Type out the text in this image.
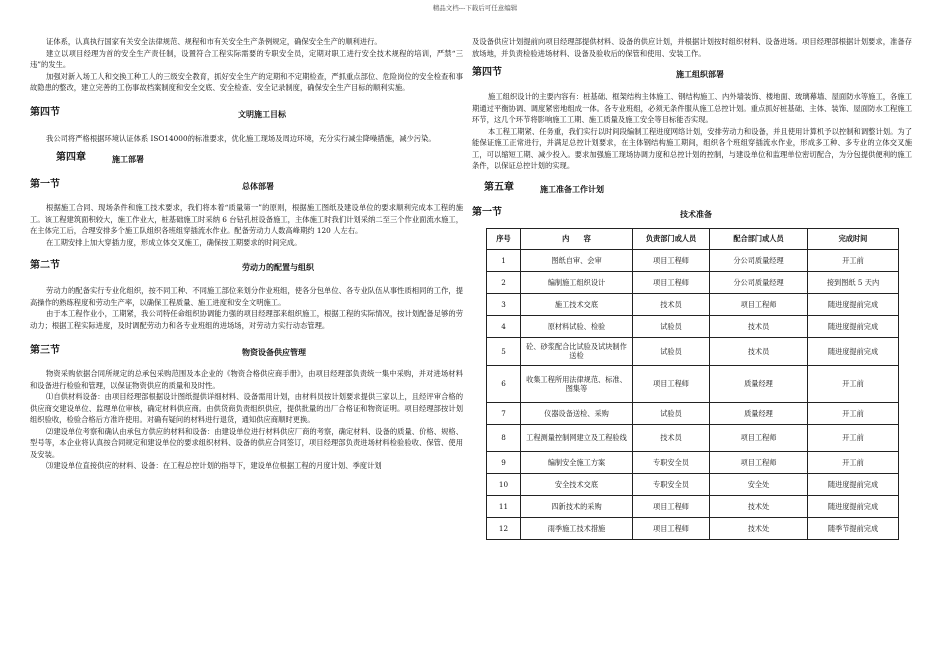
精品文档---下载后可任意编辑

证体系，认真执行国家有关安全法律规范、规程和市有关安全生产条例规定，确保安全生产的顺利进行。

建立以项目经理为首的安全生产责任制，设置符合工程实际需要的专职安全员，定期对职工进行安全技术规程的培训，严禁“三违”的发生。

加强对新入场工人和交换工种工人的三级安全教育，抓好安全生产的定期和不定期检查，严抓重点部位、危险岗位的安全检查和事故隐患的整改，建立完善的工伤事故档案制度和安全交底、安全检查、安全记录制度，确保安全生产目标的顺利实施。

第四节	文明施工目标

我公司将严格根据环境认证体系 ISO14000的标准要求，优化施工现场及周边环境，充分实行减尘降噪措施，减少污染。

第四章	施工部署
第一节	总体部署

根据施工合同、现场条件和施工技术要求，我们将本着“质量第一”的原则，根据施工图纸及建设单位的要求顺利完成本工程的施工。该工程建筑面积较大，施工作业大，桩基础施工时采纳 6 台钻孔桩设备施工，主体施工时我们计划采纳二至三个作业面流水施工，在主体完工后，合理安排多个施工队组织各班组穿插流水作业。配备劳动力人数高峰期约 120 人左右。

在工期安排上加大穿插力度，形成立体交叉施工，确保按工期要求的时间完成。

第二节	劳动力的配置与组织

劳动力的配备实行专业化组织，按不同工种、不同施工部位来划分作业班组，使各分包单位、各专业队伍从事性质相同的工作，提高操作的熟练程度和劳动生产率，以确保工程质量、施工进度和安全文明施工。

由于本工程作业小，工期紧，我公司特任命组织协调能力强的项目经理部来组织施工，根据工程的实际情况，按计划配备足够的劳动力；根据工程实际进度，及时调配劳动力和各专业班组的进场场，对劳动力实行动态管理。

第三节	物资设备供应管理

物资采购依据合同所规定的总承包采购范围及本企业的《物资合格供应商手册》，由项目经理部负责统一集中采购，并对进场材料和设备进行检验和管理，以保证物资供应的质量和及时性。

⑴自供材料设备：由项目经理部根据设计图纸提供详细材料、设备需用计划，由材料员按计划要求提供三家以上，且经评审合格的供应商交建设单位、监理单位审核，确定材料供应商。由供货商负责组织供应，提供批量的出厂合格证和物资证明。项目经理部按计划组织验收，检验合格后方准许使用。对确有疑问的材料进行退货，通知供应商顺时更换。

⑵建设单位考察和确认由承包方供应的材料和设备：由建设单位进行材料供应厂商的考察，确定材料、设备的质量、价格、规格、型号等，本企业将认真按合同规定和建设单位的要求组织材料、设备的供应合同签订，项目经理部负责进场材料检验验收、保管、使用及安装。

⑶建设单位直接供应的材料、设备：在工程总控计划的指导下，建设单位根据工程的月度计划、季度计划

及设备供应计划提前向项目经理部提供材料、设备的供应计划，并根据计划按时组织材料、设备进场。项目经理部根据计划要求，准备存放场地，并负责检验进场材料、设备及验收后的保管和使用、安装工作。

第四节	施工组织部署

施工组织设计的主要内容有：桩基础、框架结构主体施工、钢结构施工、内外墙装饰、楼地面、玻璃幕墙、屋面防水等施工，各施工期通过平衡协调、调度紧密地组成一体。各专业班组，必须无条件服从施工总控计划。重点抓好桩基础、主体、装饰、屋面防水工程施工环节，这几个环节将影响施工工期、施工质量及施工安全等目标能否实现。

本工程工期紧、任务重，我们实行以时间段编制工程进度网络计划，安排劳动力和设备，并且使用计算机予以控制和调整计划。为了能保证施工正常进行，并满足总控计划要求，在主体钢结构施工期间，组织各个班组穿插流水作业，形成多工种、多专业的立体交叉施工，可以缩短工期、减少投入。要求加强施工现场协调力度和总控计划的控制，与建设单位和监理单位密切配合，为分包提供便利的施工条件，以保证总控计划的实现。

第五章	施工准备工作计划
第一节	技术准备
序号	内　　容	负责部门或人员	配合部门或人员	完成时间
1	图纸自审、会审	项目工程师	分公司质量经理	开工前
2	编制施工组织设计	项目工程师	分公司质量经理	接到图纸 5 天内
3	施工技术交底	技术员	项目工程师	随进度提前完成
4	原材料试验、检验	试验员	技术员	随进度提前完成
5	砼、砂浆配合比试验及试块制作送检	试验员	技术员	随进度提前完成
6	收集工程所用法律规范、标准、图集等	项目工程师	质量经理	开工前
7	仪器设备送检、采购	试验员	质量经理	开工前
8	工程测量控制网建立及工程验线	技术员	项目工程师	开工前
9	编制安全施工方案	专职安全员	项目工程师	开工前
10	安全技术交底	专职安全员	安全处	随进度提前完成
11	四新技术的采购	项目工程师	技术处	随进度提前完成
12	雨季施工技术措施	项目工程师	技术处	随季节提前完成
